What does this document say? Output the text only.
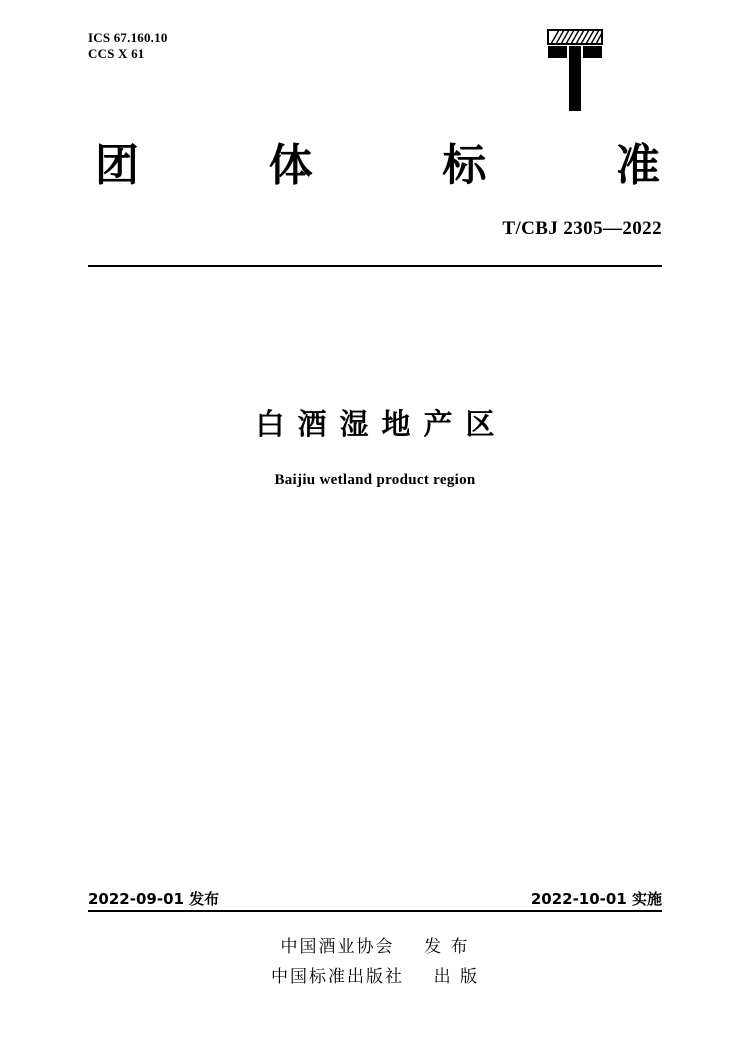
ICS 67.160.10
CCS X 61
团	体	标	准
T/CBJ 2305—2022
白酒湿地产区
Baijiu wetland product region
2022-09-01 发布	2022-10-01 实施
中国酒业协会    发 布
中国标准出版社    出 版
